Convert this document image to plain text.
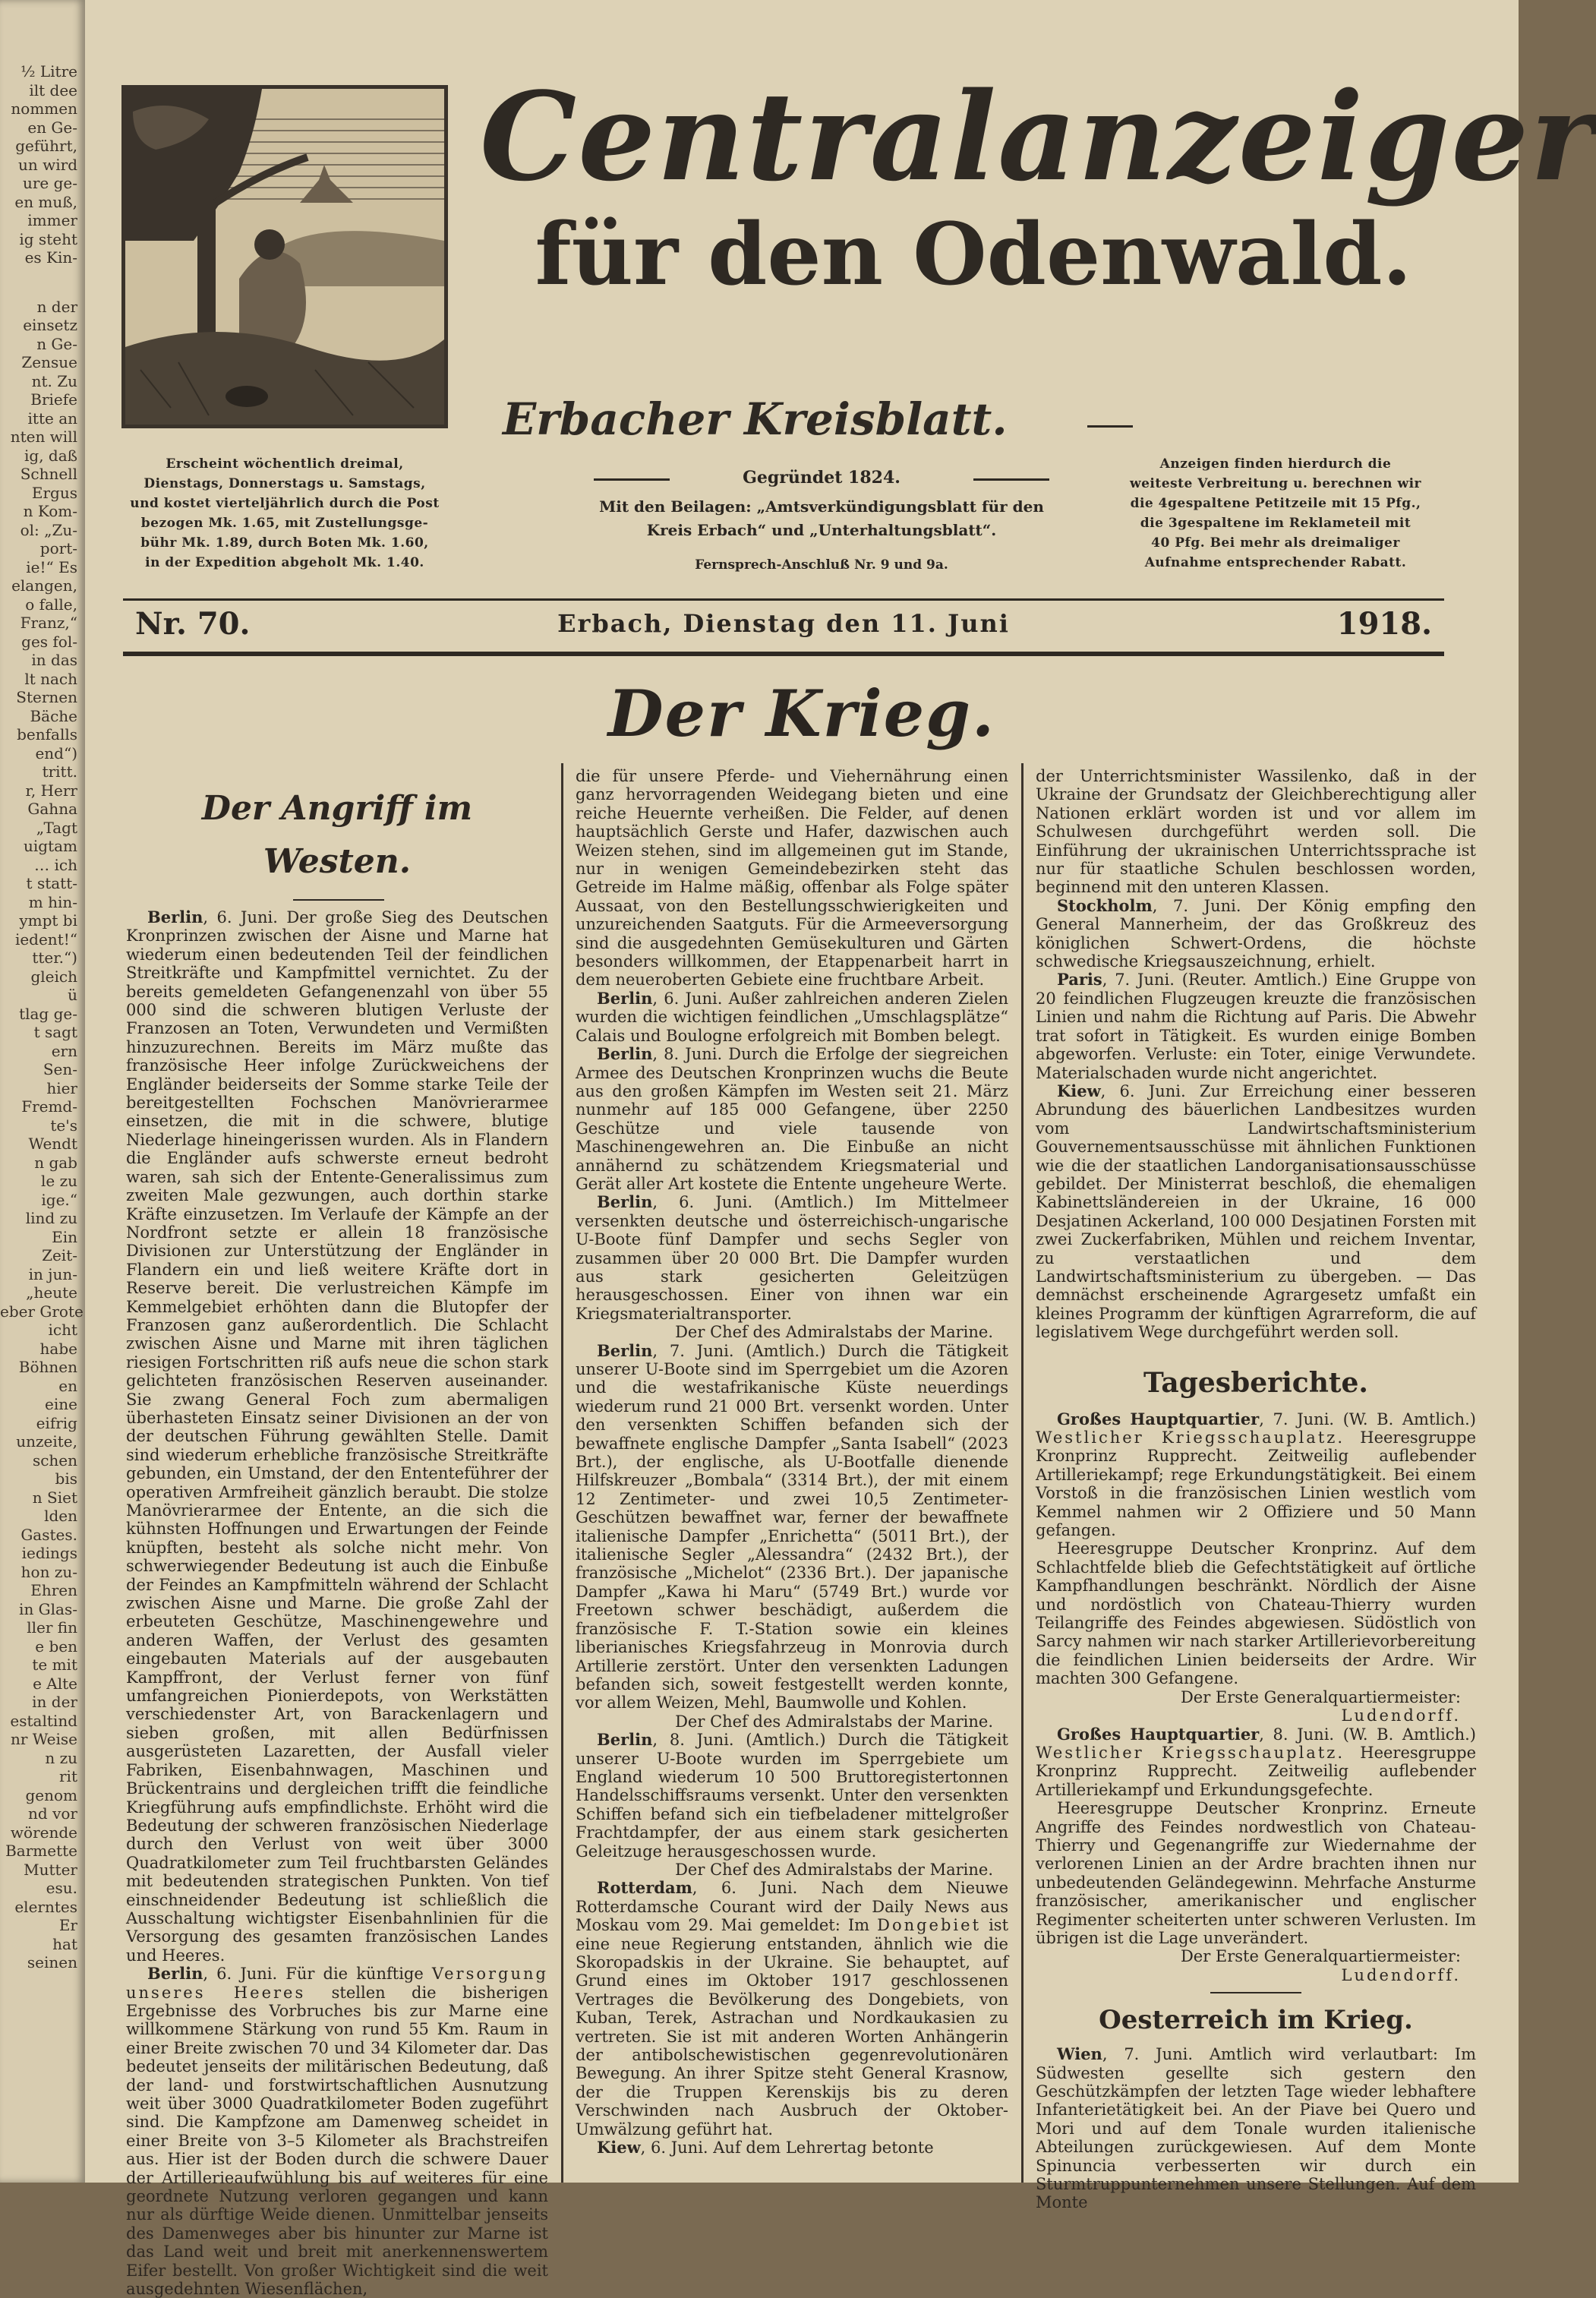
½ Litre
ilt dee
nommen
en Ge-
geführt,
un wird
ure ge-
en muß,
immer
ig steht
es Kin-
n der
einsetz
n Ge-
Zensue
nt. Zu
Briefe
itte an
nten will
ig, daß
Schnell
Ergus
n Kom-
ol: „Zu-
port-
ie!“ Es
elangen,
o falle,
Franz,“
ges fol-
in das
lt nach
Sternen
Bäche
benfalls
end“)
tritt.
r, Herr
Gahna
„Tagt
uigtam
… ich
t statt-
m hin-
ympt bi
iedent!“
tter.“)
gleich
ü
tlag ge-
t sagt
ern
Sen-
hier
Fremd-
te's
Wendt
n gab
le zu
ige.“
lind zu
Ein
Zeit-
in jun-
„heute
eber Grote
icht
habe
Böhnen
en
eine
eifrig
unzeite,
schen
bis
n Siet
lden
Gastes.
iedings
hon zu-
Ehren
in Glas-
ller fin
e ben
te mit
e Alte
in der
estaltind
nr Weise
n zu
rit
genom
nd vor
wörende
Barmette
Mutter
esu.
elerntes
Er
hat
seinen
Centralanzeiger
für den Odenwald.
Erbacher Kreisblatt.
Gegründet 1824.
Mit den Beilagen: „Amtsverkündigungsblatt für den
Kreis Erbach“ und „Unterhaltungsblatt“.
Fernsprech-Anschluß Nr. 9 und 9a.
Erscheint wöchentlich dreimal,
Dienstags, Donnerstags u. Samstags,
und kostet vierteljährlich durch die Post
bezogen Mk. 1.65, mit Zustellungsge-
bühr Mk. 1.89, durch Boten Mk. 1.60,
in der Expedition abgeholt Mk. 1.40.
Anzeigen finden hierdurch die
weiteste Verbreitung u. berechnen wir
die 4gespaltene Petitzeile mit 15 Pfg.,
die 3gespaltene im Reklameteil mit
40 Pfg. Bei mehr als dreimaliger
Aufnahme entsprechender Rabatt.
Nr. 70.	Erbach, Dienstag den 11. Juni	1918.
Der Krieg.
Der Angriff im Westen.

Berlin, 6. Juni. Der große Sieg des Deutschen Kronprinzen zwischen der Aisne und Marne hat wiederum einen bedeutenden Teil der feindlichen Streitkräfte und Kampfmittel vernichtet. Zu der bereits gemeldeten Gefangenenzahl von über 55 000 sind die schweren blutigen Verluste der Franzosen an Toten, Verwundeten und Vermißten hinzuzurechnen. Bereits im März mußte das französische Heer infolge Zurückweichens der Engländer beiderseits der Somme starke Teile der bereitgestellten Fochschen Manövrierarmee einsetzen, die mit in die schwere, blutige Niederlage hineingerissen wurden. Als in Flandern die Engländer aufs schwerste erneut bedroht waren, sah sich der Entente-Generalissimus zum zweiten Male gezwungen, auch dorthin starke Kräfte einzusetzen. Im Verlaufe der Kämpfe an der Nordfront setzte er allein 18 französische Divisionen zur Unterstützung der Engländer in Flandern ein und ließ weitere Kräfte dort in Reserve bereit. Die verlustreichen Kämpfe im Kemmelgebiet erhöhten dann die Blutopfer der Franzosen ganz außerordentlich. Die Schlacht zwischen Aisne und Marne mit ihren täglichen riesigen Fortschritten riß aufs neue die schon stark gelichteten französischen Reserven auseinander. Sie zwang General Foch zum abermaligen überhasteten Einsatz seiner Divisionen an der von der deutschen Führung gewählten Stelle. Damit sind wiederum erhebliche französische Streitkräfte gebunden, ein Umstand, der den Ententeführer der operativen Armfreiheit gänzlich beraubt. Die stolze Manövrierarmee der Entente, an die sich die kühnsten Hoffnungen und Erwartungen der Feinde knüpften, besteht als solche nicht mehr. Von schwerwiegender Bedeutung ist auch die Einbuße der Feindes an Kampfmitteln während der Schlacht zwischen Aisne und Marne. Die große Zahl der erbeuteten Geschütze, Maschinengewehre und anderen Waffen, der Verlust des gesamten eingebauten Materials auf der ausgebauten Kampffront, der Verlust ferner von fünf umfangreichen Pionierdepots, von Werkstätten verschiedenster Art, von Barackenlagern und sieben großen, mit allen Bedürfnissen ausgerüsteten Lazaretten, der Ausfall vieler Fabriken, Eisenbahnwagen, Maschinen und Brückentrains und dergleichen trifft die feindliche Kriegführung aufs empfindlichste. Erhöht wird die Bedeutung der schweren französischen Niederlage durch den Verlust von weit über 3000 Quadratkilometer zum Teil fruchtbarsten Geländes mit bedeutenden strategischen Punkten. Von tief einschneidender Bedeutung ist schließlich die Ausschaltung wichtigster Eisenbahnlinien für die Versorgung des gesamten französischen Landes und Heeres.

Berlin, 6. Juni. Für die künftige Versorgung unseres Heeres stellen die bisherigen Ergebnisse des Vorbruches bis zur Marne eine willkommene Stärkung von rund 55 Km. Raum in einer Breite zwischen 70 und 34 Kilometer dar. Das bedeutet jenseits der militärischen Bedeutung, daß der land- und forstwirtschaftlichen Ausnutzung weit über 3000 Quadratkilometer Boden zugeführt sind. Die Kampfzone am Damenweg scheidet in einer Breite von 3–5 Kilometer als Brachstreifen aus. Hier ist der Boden durch die schwere Dauer der Artillerieaufwühlung bis auf weiteres für eine geordnete Nutzung verloren gegangen und kann nur als dürftige Weide dienen. Unmittelbar jenseits des Damenweges aber bis hinunter zur Marne ist das Land weit und breit mit anerkennenswertem Eifer bestellt. Von großer Wichtigkeit sind die weit ausgedehnten Wiesenflächen,

die für unsere Pferde- und Viehernährung einen ganz hervorragenden Weidegang bieten und eine reiche Heuernte verheißen. Die Felder, auf denen hauptsächlich Gerste und Hafer, dazwischen auch Weizen stehen, sind im allgemeinen gut im Stande, nur in wenigen Gemeindebezirken steht das Getreide im Halme mäßig, offenbar als Folge später Aussaat, von den Bestellungsschwierigkeiten und unzureichenden Saatguts. Für die Armeeversorgung sind die ausgedehnten Gemüsekulturen und Gärten besonders willkommen, der Etappenarbeit harrt in dem neueroberten Gebiete eine fruchtbare Arbeit.

Berlin, 6. Juni. Außer zahlreichen anderen Zielen wurden die wichtigen feindlichen „Umschlagsplätze“ Calais und Boulogne erfolgreich mit Bomben belegt.

Berlin, 8. Juni. Durch die Erfolge der siegreichen Armee des Deutschen Kronprinzen wuchs die Beute aus den großen Kämpfen im Westen seit 21. März nunmehr auf 185 000 Gefangene, über 2250 Geschütze und viele tausende von Maschinengewehren an. Die Einbuße an nicht annähernd zu schätzendem Kriegsmaterial und Gerät aller Art kostete die Entente ungeheure Werte.

Berlin, 6. Juni. (Amtlich.) Im Mittelmeer versenkten deutsche und österreichisch-ungarische U-Boote fünf Dampfer und sechs Segler von zusammen über 20 000 Brt. Die Dampfer wurden aus stark gesicherten Geleitzügen herausgeschossen. Einer von ihnen war ein Kriegsmaterialtransporter.

Der Chef des Admiralstabs der Marine.

Berlin, 7. Juni. (Amtlich.) Durch die Tätigkeit unserer U-Boote sind im Sperrgebiet um die Azoren und die westafrikanische Küste neuerdings wiederum rund 21 000 Brt. versenkt worden. Unter den versenkten Schiffen befanden sich der bewaffnete englische Dampfer „Santa Isabell“ (2023 Brt.), der englische, als U-Bootfalle dienende Hilfskreuzer „Bombala“ (3314 Brt.), der mit einem 12 Zentimeter- und zwei 10,5 Zentimeter-Geschützen bewaffnet war, ferner der bewaffnete italienische Dampfer „Enrichetta“ (5011 Brt.), der italienische Segler „Alessandra“ (2432 Brt.), der französische „Michelot“ (2336 Brt.). Der japanische Dampfer „Kawa hi Maru“ (5749 Brt.) wurde vor Freetown schwer beschädigt, außerdem die französische F. T.-Station sowie ein kleines liberianisches Kriegsfahrzeug in Monrovia durch Artillerie zerstört. Unter den versenkten Ladungen befanden sich, soweit festgestellt werden konnte, vor allem Weizen, Mehl, Baumwolle und Kohlen.

Der Chef des Admiralstabs der Marine.

Berlin, 8. Juni. (Amtlich.) Durch die Tätigkeit unserer U-Boote wurden im Sperrgebiete um England wiederum 10 500 Bruttoregistertonnen Handelsschiffsraums versenkt. Unter den versenkten Schiffen befand sich ein tiefbeladener mittelgroßer Frachtdampfer, der aus einem stark gesicherten Geleitzuge herausgeschossen wurde.

Der Chef des Admiralstabs der Marine.

Rotterdam, 6. Juni. Nach dem Nieuwe Rotterdamsche Courant wird der Daily News aus Moskau vom 29. Mai gemeldet: Im Dongebiet ist eine neue Regierung entstanden, ähnlich wie die Skoropadskis in der Ukraine. Sie behauptet, auf Grund eines im Oktober 1917 geschlossenen Vertrages die Bevölkerung des Dongebiets, von Kuban, Terek, Astrachan und Nordkaukasien zu vertreten. Sie ist mit anderen Worten Anhängerin der antibolschewistischen gegenrevolutionären Bewegung. An ihrer Spitze steht General Krasnow, der die Truppen Kerenskijs bis zu deren Verschwinden nach Ausbruch der Oktober-Umwälzung geführt hat.

Kiew, 6. Juni. Auf dem Lehrertag betonte

der Unterrichtsminister Wassilenko, daß in der Ukraine der Grundsatz der Gleichberechtigung aller Nationen erklärt worden ist und vor allem im Schulwesen durchgeführt werden soll. Die Einführung der ukrainischen Unterrichtssprache ist nur für staatliche Schulen beschlossen worden, beginnend mit den unteren Klassen.

Stockholm, 7. Juni. Der König empfing den General Mannerheim, der das Großkreuz des königlichen Schwert-Ordens, die höchste schwedische Kriegsauszeichnung, erhielt.

Paris, 7. Juni. (Reuter. Amtlich.) Eine Gruppe von 20 feindlichen Flugzeugen kreuzte die französischen Linien und nahm die Richtung auf Paris. Die Abwehr trat sofort in Tätigkeit. Es wurden einige Bomben abgeworfen. Verluste: ein Toter, einige Verwundete. Materialschaden wurde nicht angerichtet.

Kiew, 6. Juni. Zur Erreichung einer besseren Abrundung des bäuerlichen Landbesitzes wurden vom Landwirtschaftsministerium Gouvernementsausschüsse mit ähnlichen Funktionen wie die der staatlichen Landorganisationsausschüsse gebildet. Der Ministerrat beschloß, die ehemaligen Kabinettsländereien in der Ukraine, 16 000 Desjatinen Ackerland, 100 000 Desjatinen Forsten mit zwei Zuckerfabriken, Mühlen und reichem Inventar, zu verstaatlichen und dem Landwirtschaftsministerium zu übergeben. — Das demnächst erscheinende Agrargesetz umfaßt ein kleines Programm der künftigen Agrarreform, die auf legislativem Wege durchgeführt werden soll.

Tagesberichte.

Großes Hauptquartier, 7. Juni. (W. B. Amtlich.) Westlicher Kriegsschauplatz. Heeresgruppe Kronprinz Rupprecht. Zeitweilig auflebender Artilleriekampf; rege Erkundungstätigkeit. Bei einem Vorstoß in die französischen Linien westlich vom Kemmel nahmen wir 2 Offiziere und 50 Mann gefangen.

Heeresgruppe Deutscher Kronprinz. Auf dem Schlachtfelde blieb die Gefechtstätigkeit auf örtliche Kampfhandlungen beschränkt. Nördlich der Aisne und nordöstlich von Chateau-Thierry wurden Teilangriffe des Feindes abgewiesen. Südöstlich von Sarcy nahmen wir nach starker Artillerievorbereitung die feindlichen Linien beiderseits der Ardre. Wir machten 300 Gefangene.

Der Erste Generalquartiermeister:

Ludendorff.

Großes Hauptquartier, 8. Juni. (W. B. Amtlich.) Westlicher Kriegsschauplatz. Heeresgruppe Kronprinz Rupprecht. Zeitweilig auflebender Artilleriekampf und Erkundungsgefechte.

Heeresgruppe Deutscher Kronprinz. Erneute Angriffe des Feindes nordwestlich von Chateau-Thierry und Gegenangriffe zur Wiedernahme der verlorenen Linien an der Ardre brachten ihnen nur unbedeutenden Geländegewinn. Mehrfache Ansturme französischer, amerikanischer und englischer Regimenter scheiterten unter schweren Verlusten. Im übrigen ist die Lage unverändert.

Der Erste Generalquartiermeister:

Ludendorff.

Oesterreich im Krieg.

Wien, 7. Juni. Amtlich wird verlautbart: Im Südwesten gesellte sich gestern den Geschützkämpfen der letzten Tage wieder lebhaftere Infanterietätigkeit bei. An der Piave bei Quero und Mori und auf dem Tonale wurden italienische Abteilungen zurückgewiesen. Auf dem Monte Spinuncia verbesserten wir durch ein Sturmtruppunternehmen unsere Stellungen. Auf dem Monte
